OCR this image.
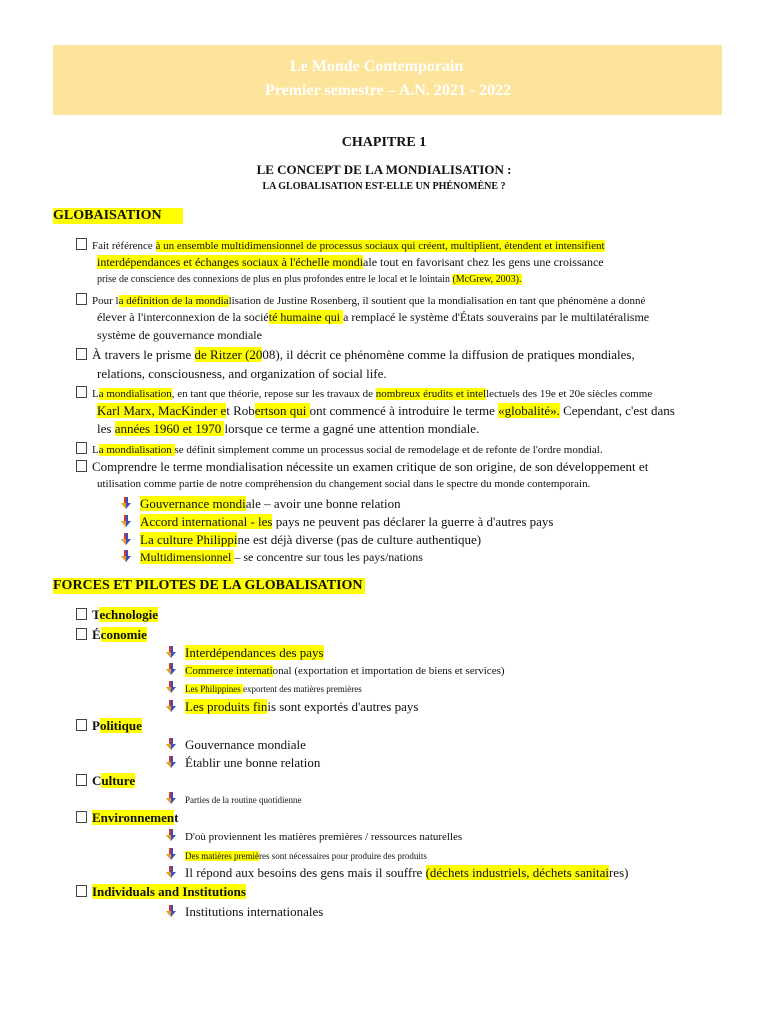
Le Monde Contemporain
Premier semestre – A.N. 2021 - 2022
CHAPITRE 1
LE CONCEPT DE LA MONDIALISATION :
LA GLOBALISATION EST-ELLE UN PHÉNOMÈNE ?
GLOBAISATION
Fait référence à un ensemble multidimensionnel de processus sociaux qui créent, multiplient, étendent et intensifient
interdépendances et échanges sociaux à l'échelle mondiale tout en favorisant chez les gens une croissance
prise de conscience des connexions de plus en plus profondes entre le local et le lointain (McGrew, 2003).
Pour la définition de la mondialisation de Justine Rosenberg, il soutient que la mondialisation en tant que phénomène a donné
élever à l'interconnexion de la société humaine qui a remplacé le système d'États souverains par le multilatéralisme
système de gouvernance mondiale
À travers le prisme de Ritzer (2008), il décrit ce phénomène comme la diffusion de pratiques mondiales,
relations, consciousness, and organization of social life.
La mondialisation, en tant que théorie, repose sur les travaux de nombreux érudits et intellectuels des 19e et 20e siècles comme
Karl Marx, MacKinder et Robertson qui ont commencé à introduire le terme «globalité». Cependant, c'est dans
les années 1960 et 1970 lorsque ce terme a gagné une attention mondiale.
La mondialisation se définit simplement comme un processus social de remodelage et de refonte de l'ordre mondial.
Comprendre le terme mondialisation nécessite un examen critique de son origine, de son développement et
utilisation comme partie de notre compréhension du changement social dans le spectre du monde contemporain.
Gouvernance mondiale – avoir une bonne relation
Accord international - les pays ne peuvent pas déclarer la guerre à d'autres pays
La culture Philippine est déjà diverse (pas de culture authentique)
Multidimensionnel – se concentre sur tous les pays/nations
FORCES ET PILOTES DE LA GLOBALISATION
Technologie
Économie
Interdépendances des pays
Commerce international (exportation et importation de biens et services)
Les Philippines exportent des matières premières
Les produits finis sont exportés d'autres pays
Politique
Gouvernance mondiale
Établir une bonne relation
Culture
Parties de la routine quotidienne
Environnement
D'où proviennent les matières premières / ressources naturelles
Des matières premières sont nécessaires pour produire des produits
Il répond aux besoins des gens mais il souffre (déchets industriels, déchets sanitaires)
Individuals and Institutions
Institutions internationales
